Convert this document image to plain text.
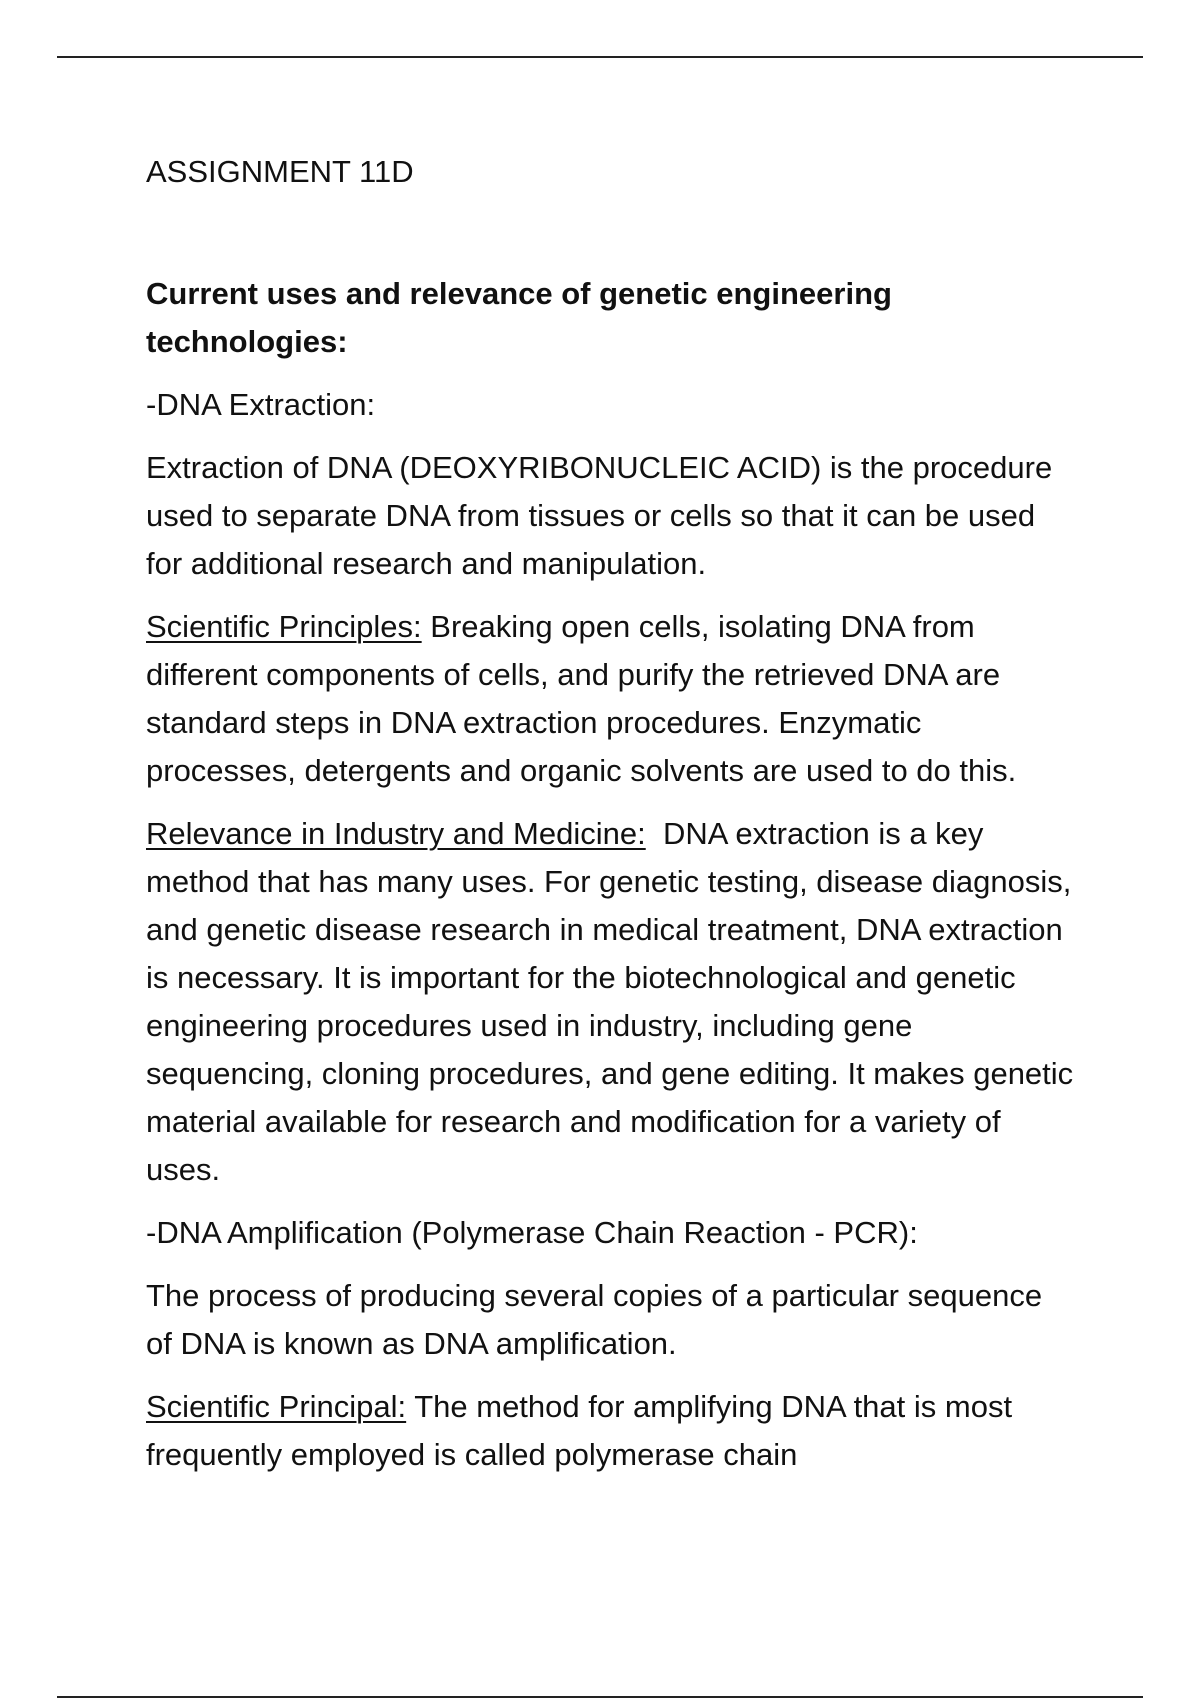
ASSIGNMENT 11D

Current uses and relevance of genetic engineering technologies:

-DNA Extraction:

Extraction of DNA (DEOXYRIBONUCLEIC ACID) is the procedure used to separate DNA from tissues or cells so that it can be used for additional research and manipulation.

Scientific Principles: Breaking open cells, isolating DNA from different components of cells, and purify the retrieved DNA are standard steps in DNA extraction procedures. Enzymatic processes, detergents and organic solvents are used to do this.

Relevance in Industry and Medicine:  DNA extraction is a key method that has many uses. For genetic testing, disease diagnosis, and genetic disease research in medical treatment, DNA extraction is necessary. It is important for the biotechnological and genetic engineering procedures used in industry, including gene sequencing, cloning procedures, and gene editing. It makes genetic material available for research and modification for a variety of uses.

-DNA Amplification (Polymerase Chain Reaction - PCR):

The process of producing several copies of a particular sequence of DNA is known as DNA amplification.

Scientific Principal: The method for amplifying DNA that is most frequently employed is called polymerase chain
